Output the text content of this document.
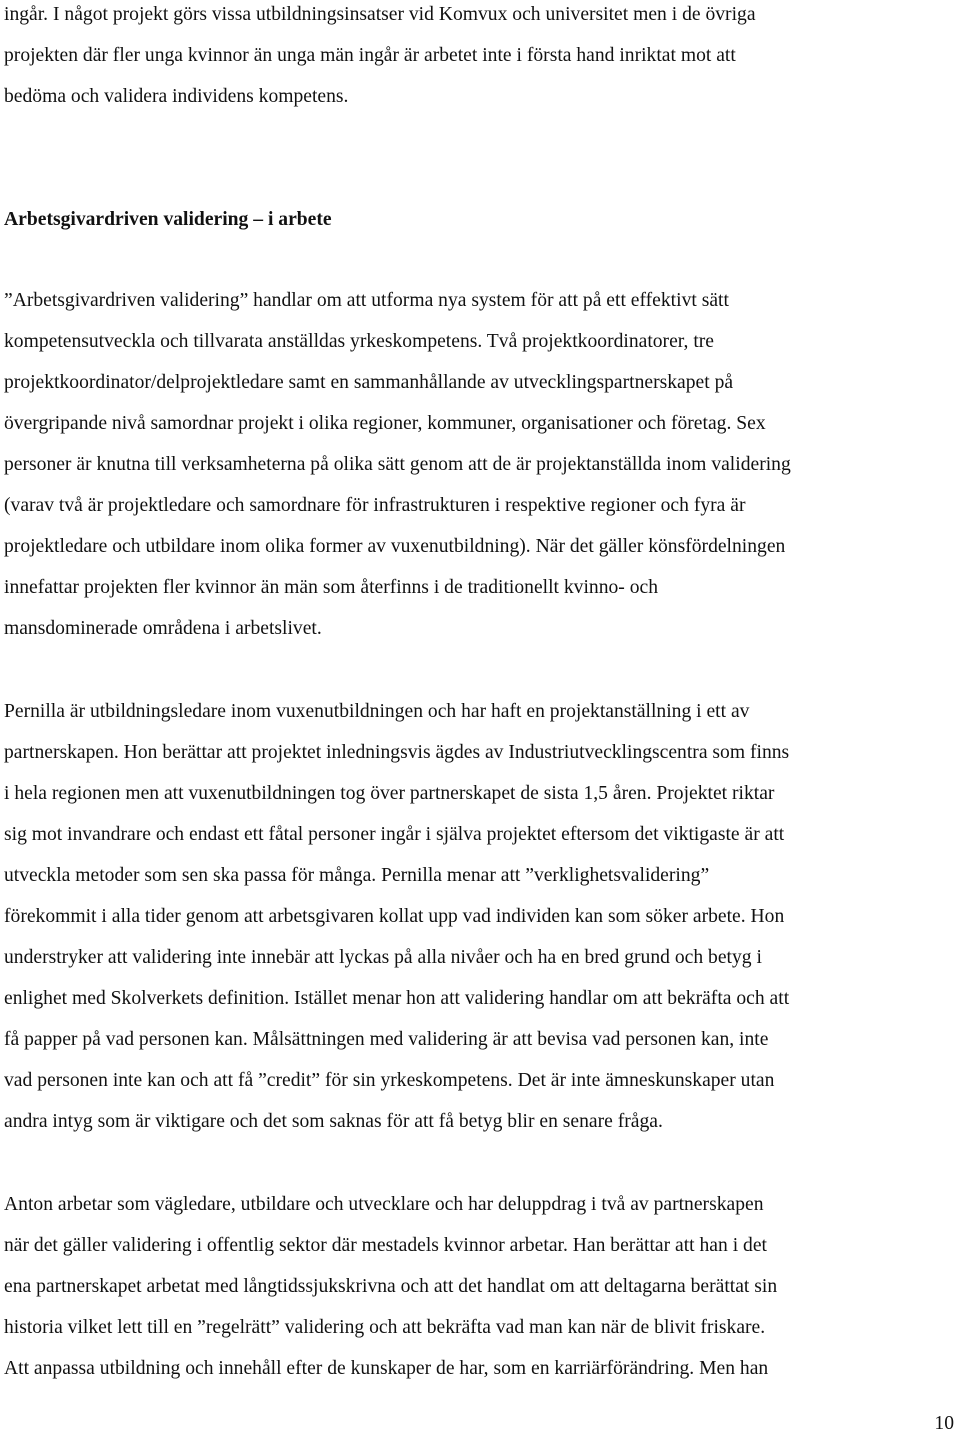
ingår. I något projekt görs vissa utbildningsinsatser vid Komvux och universitet men i de övriga
projekten där fler unga kvinnor än unga män ingår är arbetet inte i första hand inriktat mot att
bedöma och validera individens kompetens.
Arbetsgivardriven validering – i arbete
”Arbetsgivardriven validering” handlar om att utforma nya system för att på ett effektivt sätt
kompetensutveckla och tillvarata anställdas yrkeskompetens. Två projektkoordinatorer, tre
projektkoordinator/delprojektledare samt en sammanhållande av utvecklingspartnerskapet på
övergripande nivå samordnar projekt i olika regioner, kommuner, organisationer och företag. Sex
personer är knutna till verksamheterna på olika sätt genom att de är projektanställda inom validering
(varav två är projektledare och samordnare för infrastrukturen i respektive regioner och fyra är
projektledare och utbildare inom olika former av vuxenutbildning). När det gäller könsfördelningen
innefattar projekten fler kvinnor än män som återfinns i de traditionellt kvinno- och
mansdominerade områdena i arbetslivet.
Pernilla är utbildningsledare inom vuxenutbildningen och har haft en projektanställning i ett av
partnerskapen. Hon berättar att projektet inledningsvis ägdes av Industriutvecklingscentra som finns
i hela regionen men att vuxenutbildningen tog över partnerskapet de sista 1,5 åren. Projektet riktar
sig mot invandrare och endast ett fåtal personer ingår i själva projektet eftersom det viktigaste är att
utveckla metoder som sen ska passa för många. Pernilla menar att ”verklighetsvalidering”
förekommit i alla tider genom att arbetsgivaren kollat upp vad individen kan som söker arbete. Hon
understryker att validering inte innebär att lyckas på alla nivåer och ha en bred grund och betyg i
enlighet med Skolverkets definition. Istället menar hon att validering handlar om att bekräfta och att
få papper på vad personen kan. Målsättningen med validering är att bevisa vad personen kan, inte
vad personen inte kan och att få ”credit” för sin yrkeskompetens. Det är inte ämneskunskaper utan
andra intyg som är viktigare och det som saknas för att få betyg blir en senare fråga.
Anton arbetar som vägledare, utbildare och utvecklare och har deluppdrag i två av partnerskapen
när det gäller validering i offentlig sektor där mestadels kvinnor arbetar. Han berättar att han i det
ena partnerskapet arbetat med långtidssjukskrivna och att det handlat om att deltagarna berättat sin
historia vilket lett till en ”regelrätt” validering och att bekräfta vad man kan när de blivit friskare.
Att anpassa utbildning och innehåll efter de kunskaper de har, som en karriärförändring. Men han
10
